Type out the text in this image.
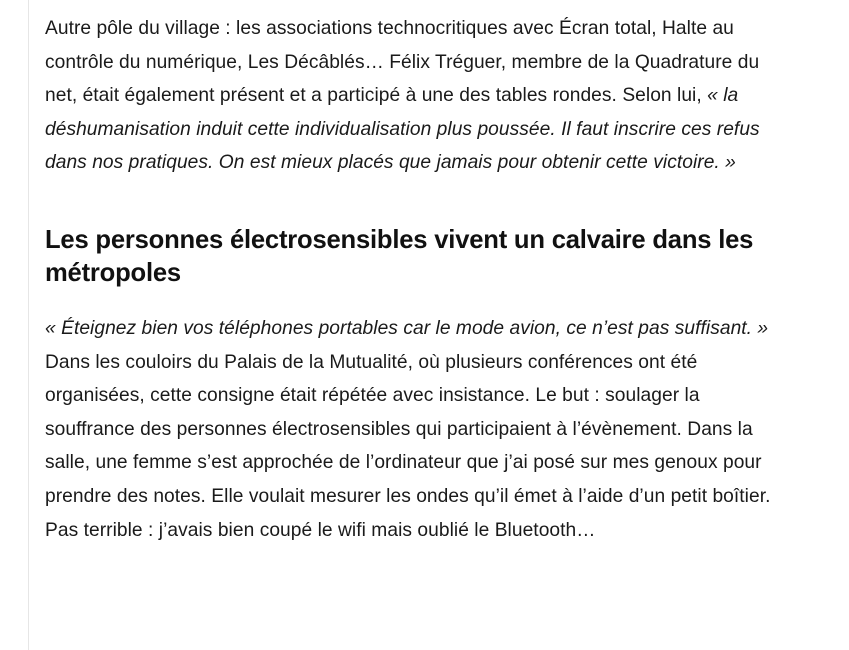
Autre pôle du village : les associations technocritiques avec Écran total, Halte au contrôle du numérique, Les Décâblés… Félix Tréguer, membre de la Quadrature du net, était également présent et a participé à une des tables rondes. Selon lui, « la déshumanisation induit cette individualisation plus poussée. Il faut inscrire ces refus dans nos pratiques. On est mieux placés que jamais pour obtenir cette victoire. »

Les personnes électrosensibles vivent un calvaire dans les métropoles

« Éteignez bien vos téléphones portables car le mode avion, ce n’est pas suffisant. » Dans les couloirs du Palais de la Mutualité, où plusieurs conférences ont été organisées, cette consigne était répétée avec insistance. Le but : soulager la souffrance des personnes électrosensibles qui participaient à l’évènement. Dans la salle, une femme s’est approchée de l’ordinateur que j’ai posé sur mes genoux pour prendre des notes. Elle voulait mesurer les ondes qu’il émet à l’aide d’un petit boîtier. Pas terrible : j’avais bien coupé le wifi mais oublié le Bluetooth…
